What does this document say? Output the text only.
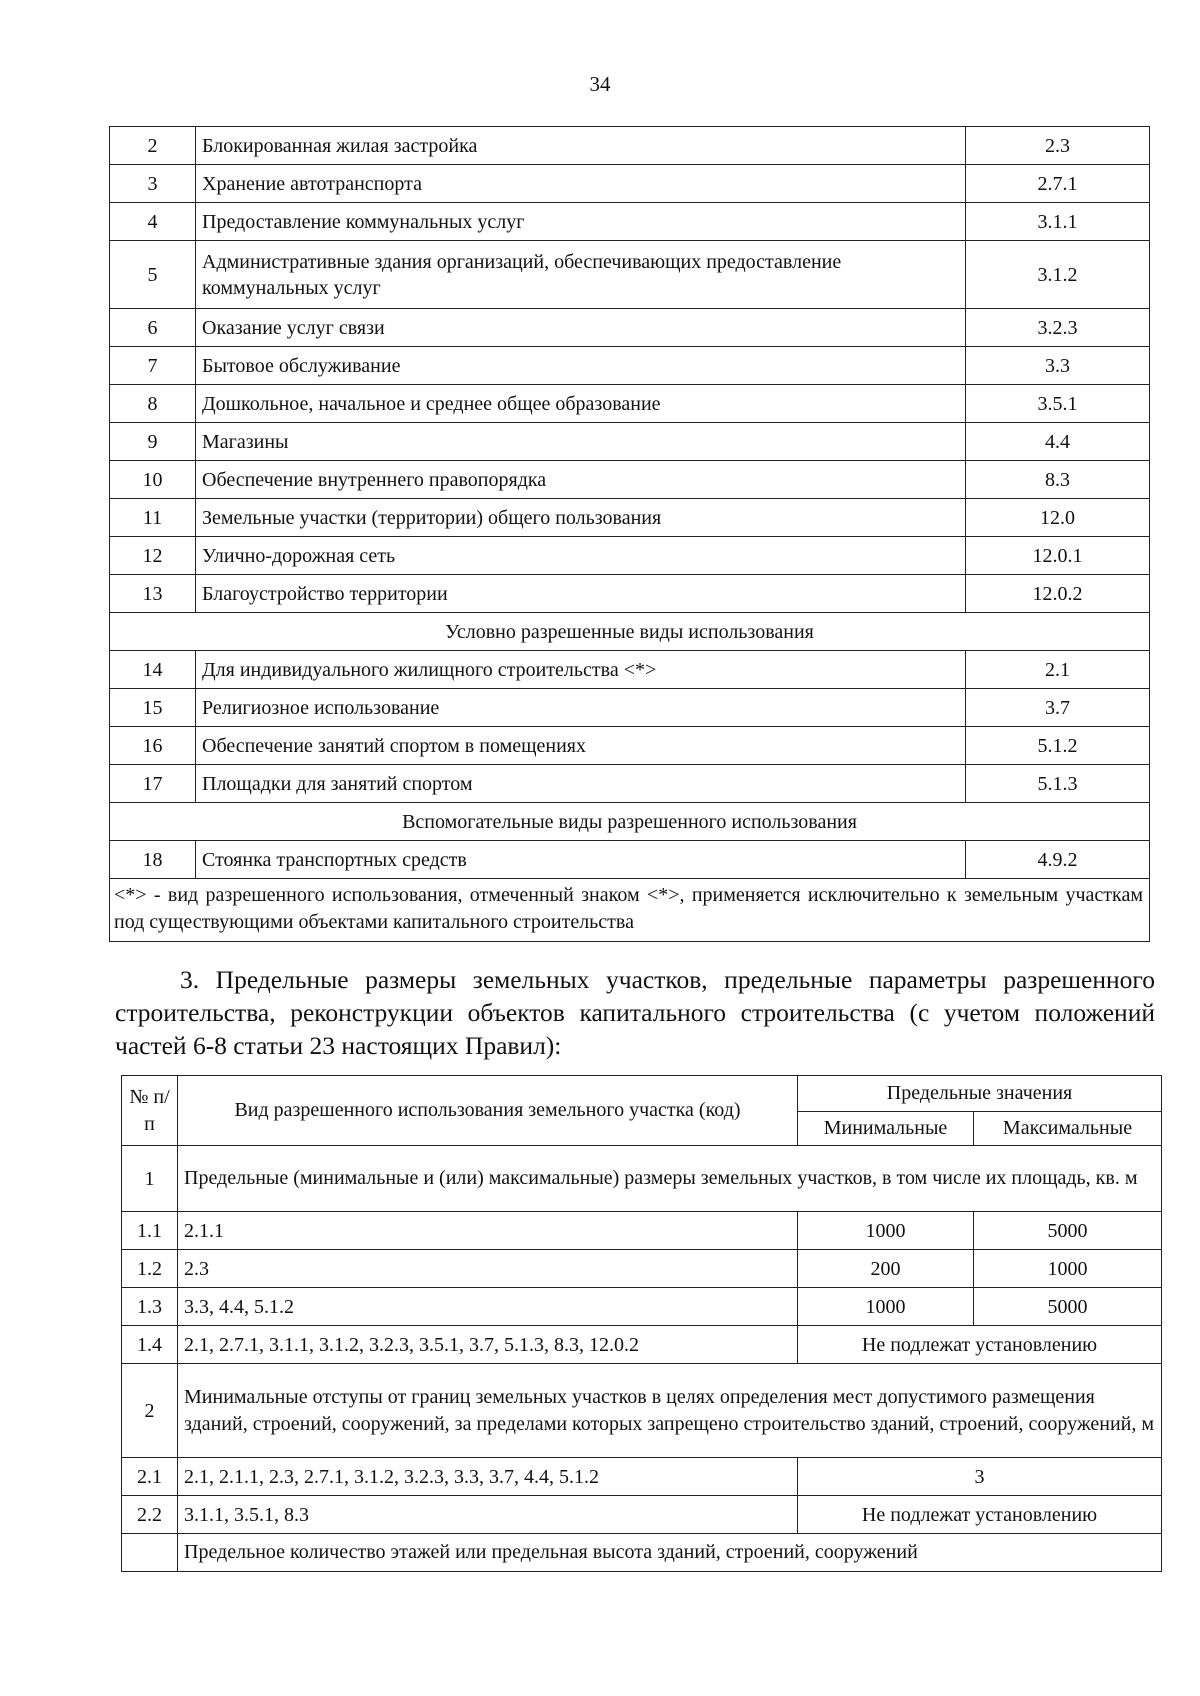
34
2	Блокированная жилая застройка	2.3
3	Хранение автотранспорта	2.7.1
4	Предоставление коммунальных услуг	3.1.1
5	Административные здания организаций, обеспечивающих предоставление коммунальных услуг	3.1.2
6	Оказание услуг связи	3.2.3
7	Бытовое обслуживание	3.3
8	Дошкольное, начальное и среднее общее образование	3.5.1
9	Магазины	4.4
10	Обеспечение внутреннего правопорядка	8.3
11	Земельные участки (территории) общего пользования	12.0
12	Улично-дорожная сеть	12.0.1
13	Благоустройство территории	12.0.2
Условно разрешенные виды использования		
14	Для индивидуального жилищного строительства <*>	2.1
15	Религиозное использование	3.7
16	Обеспечение занятий спортом в помещениях	5.1.2
17	Площадки для занятий спортом	5.1.3
Вспомогательные виды разрешенного использования		
18	Стоянка транспортных средств	4.9.2
<*> - вид разрешенного использования, отмеченный знаком <*>, применяется исключительно к земельным участкам под существующими объектами капитального строительства		

3. Предельные размеры земельных участков, предельные параметры разрешенного строительства, реконструкции объектов капитального строительства (с учетом положений частей 6-8 статьи 23 настоящих Правил):

№ п/п	Вид разрешенного использования земельного участка (код)	Предельные значения	
		Минимальные	Максимальные
1	Предельные (минимальные и (или) максимальные) размеры земельных участков, в том числе их площадь, кв. м		
1.1	2.1.1	1000	5000
1.2	2.3	200	1000
1.3	3.3, 4.4, 5.1.2	1000	5000
1.4	2.1, 2.7.1, 3.1.1, 3.1.2, 3.2.3, 3.5.1, 3.7, 5.1.3, 8.3, 12.0.2	Не подлежат установлению	
2	Минимальные отступы от границ земельных участков в целях определения мест допустимого размещения зданий, строений, сооружений, за пределами которых запрещено строительство зданий, строений, сооружений, м		
2.1	2.1, 2.1.1, 2.3, 2.7.1, 3.1.2, 3.2.3, 3.3, 3.7, 4.4, 5.1.2	3	
2.2	3.1.1, 3.5.1, 8.3	Не подлежат установлению	
	Предельное количество этажей или предельная высота зданий, строений, сооружений		
